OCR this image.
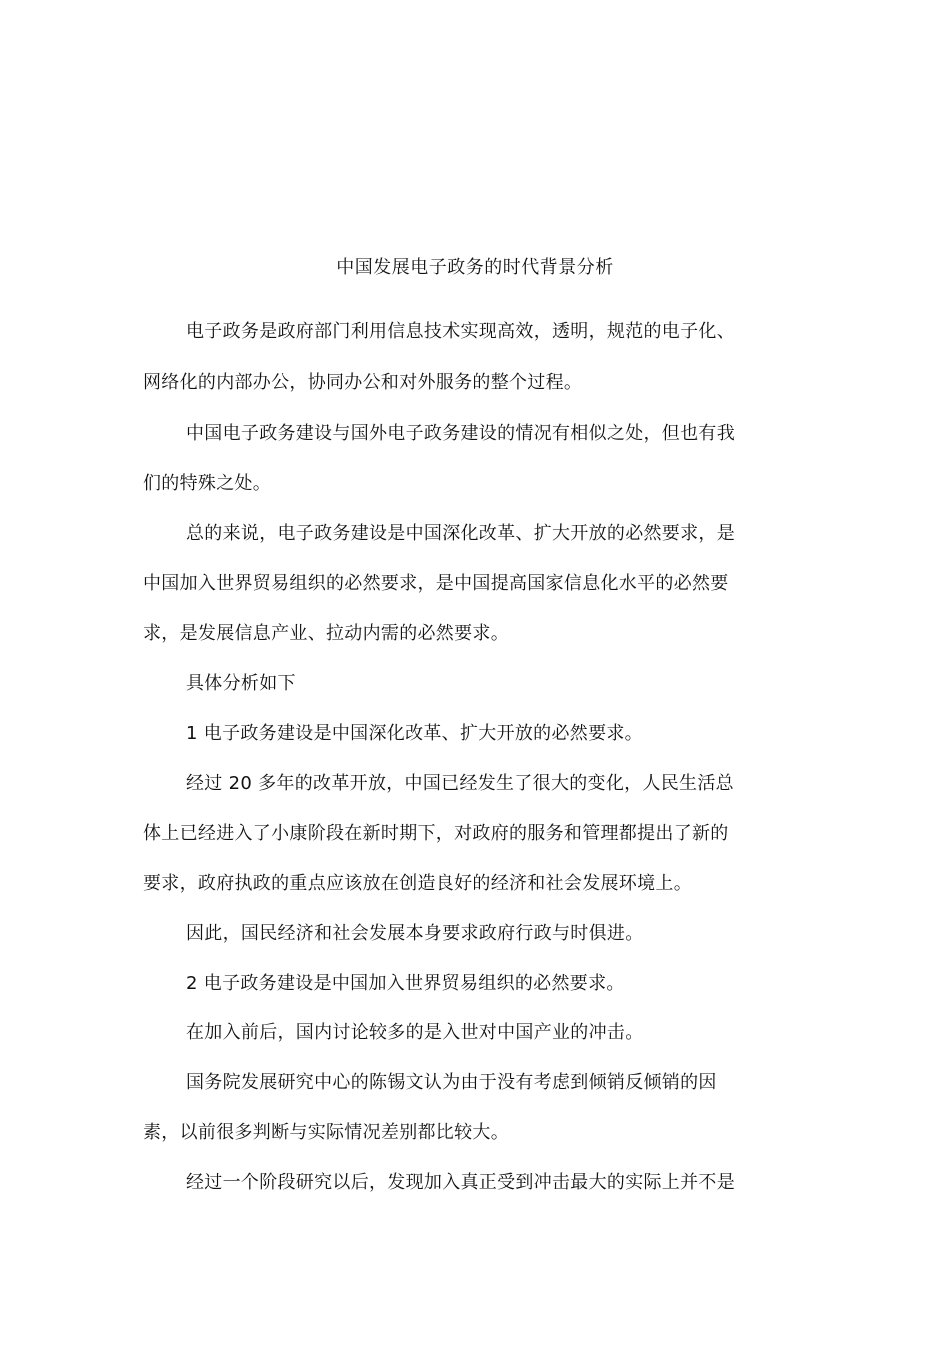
中国发展电子政务的时代背景分析
电子政务是政府部门利用信息技术实现高效，透明，规范的电子化、
网络化的内部办公，协同办公和对外服务的整个过程。
中国电子政务建设与国外电子政务建设的情况有相似之处，但也有我
们的特殊之处。
总的来说，电子政务建设是中国深化改革、扩大开放的必然要求，是
中国加入世界贸易组织的必然要求，是中国提高国家信息化水平的必然要
求，是发展信息产业、拉动内需的必然要求。
具体分析如下
1 电子政务建设是中国深化改革、扩大开放的必然要求。
经过 20 多年的改革开放，中国已经发生了很大的变化，人民生活总
体上已经进入了小康阶段在新时期下，对政府的服务和管理都提出了新的
要求，政府执政的重点应该放在创造良好的经济和社会发展环境上。
因此，国民经济和社会发展本身要求政府行政与时俱进。
2 电子政务建设是中国加入世界贸易组织的必然要求。
在加入前后，国内讨论较多的是入世对中国产业的冲击。
国务院发展研究中心的陈锡文认为由于没有考虑到倾销反倾销的因
素，以前很多判断与实际情况差别都比较大。
经过一个阶段研究以后，发现加入真正受到冲击最大的实际上并不是
